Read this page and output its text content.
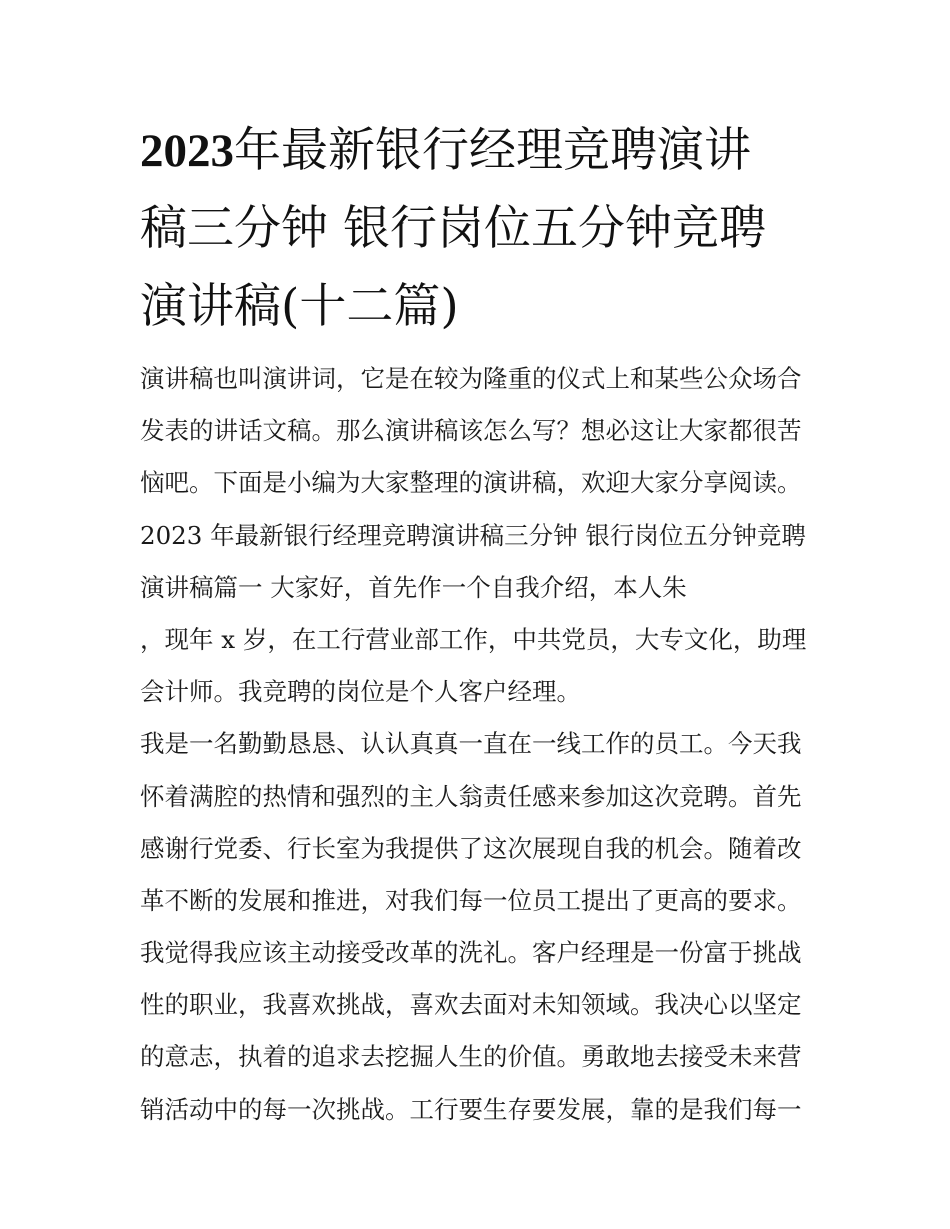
2023年最新银行经理竞聘演讲
稿三分钟 银行岗位五分钟竞聘
演讲稿(十二篇)
演讲稿也叫演讲词，它是在较为隆重的仪式上和某些公众场合
发表的讲话文稿。那么演讲稿该怎么写？想必这让大家都很苦
恼吧。下面是小编为大家整理的演讲稿，欢迎大家分享阅读。
2023 年最新银行经理竞聘演讲稿三分钟 银行岗位五分钟竞聘
演讲稿篇一 大家好，首先作一个自我介绍，本人朱
，现年 x 岁，在工行营业部工作，中共党员，大专文化，助理
会计师。我竞聘的岗位是个人客户经理。
我是一名勤勤恳恳、认认真真一直在一线工作的员工。今天我
怀着满腔的热情和强烈的主人翁责任感来参加这次竞聘。首先
感谢行党委、行长室为我提供了这次展现自我的机会。随着改
革不断的发展和推进，对我们每一位员工提出了更高的要求。
我觉得我应该主动接受改革的洗礼。客户经理是一份富于挑战
性的职业，我喜欢挑战，喜欢去面对未知领域。我决心以坚定
的意志，执着的追求去挖掘人生的价值。勇敢地去接受未来营
销活动中的每一次挑战。工行要生存要发展，靠的是我们每一
